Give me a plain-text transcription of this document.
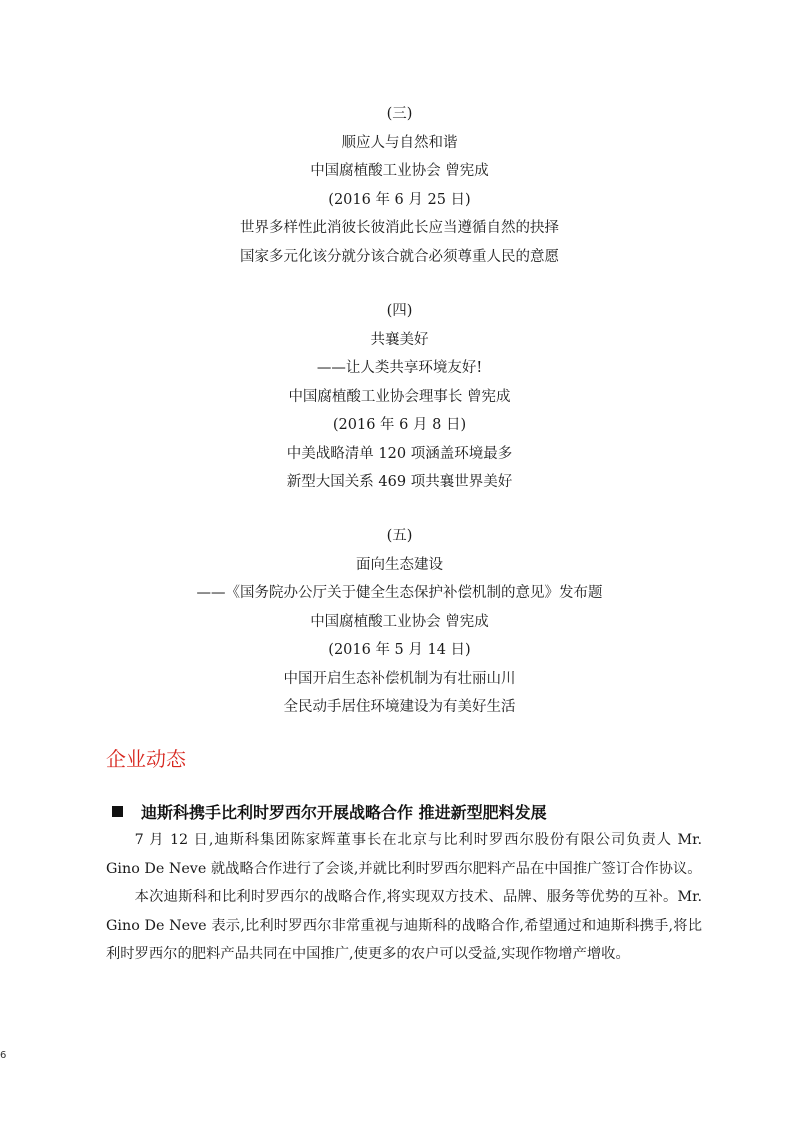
(三)
顺应人与自然和谐
中国腐植酸工业协会 曾宪成
(2016 年 6 月 25 日)
世界多样性此消彼长彼消此长应当遵循自然的抉择
国家多元化该分就分该合就合必须尊重人民的意愿
(四)
共襄美好
——让人类共享环境友好!
中国腐植酸工业协会理事长 曾宪成
(2016 年 6 月 8 日)
中美战略清单 120 项涵盖环境最多
新型大国关系 469 项共襄世界美好
(五)
面向生态建设
——《国务院办公厅关于健全生态保护补偿机制的意见》发布题
中国腐植酸工业协会 曾宪成
(2016 年 5 月 14 日)
中国开启生态补偿机制为有壮丽山川
全民动手居住环境建设为有美好生活
企业动态
迪斯科携手比利时罗西尔开展战略合作 推进新型肥料发展

7 月 12 日,迪斯科集团陈家辉董事长在北京与比利时罗西尔股份有限公司负责人 Mr. Gino De Neve 就战略合作进行了会谈,并就比利时罗西尔肥料产品在中国推广签订合作协议。

本次迪斯科和比利时罗西尔的战略合作,将实现双方技术、品牌、服务等优势的互补。Mr. Gino De Neve 表示,比利时罗西尔非常重视与迪斯科的战略合作,希望通过和迪斯科携手,将比利时罗西尔的肥料产品共同在中国推广,使更多的农户可以受益,实现作物增产增收。

6
